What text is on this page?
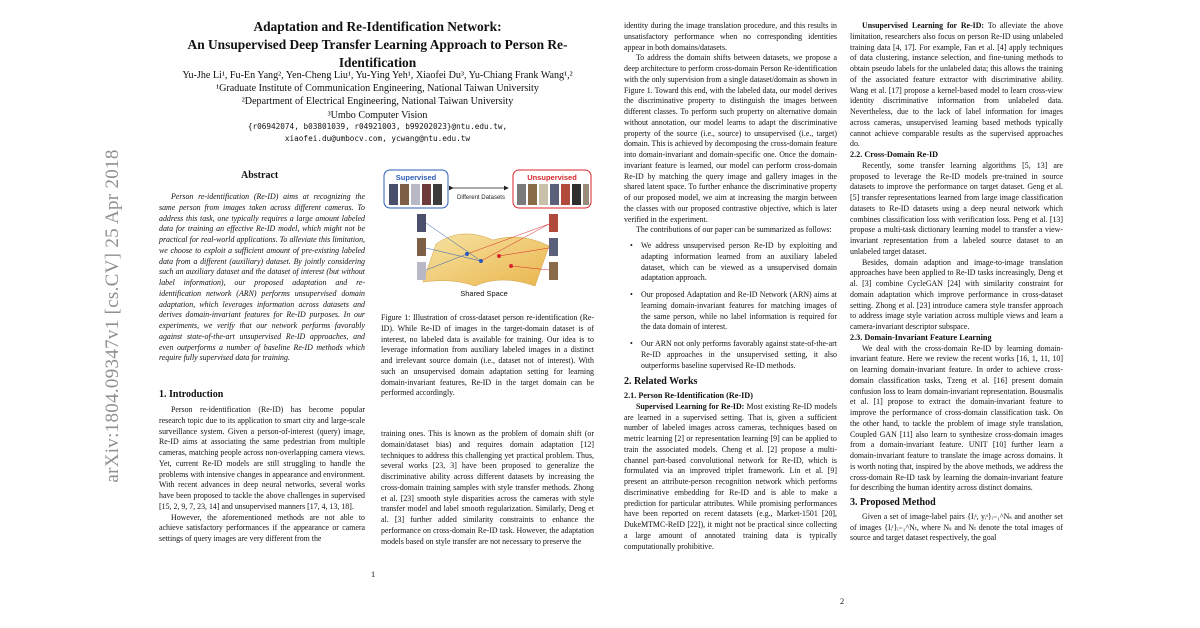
arXiv:1804.09347v1 [cs.CV] 25 Apr 2018
Adaptation and Re-Identification Network:
An Unsupervised Deep Transfer Learning Approach to Person Re-Identification
Yu-Jhe Li¹, Fu-En Yang², Yen-Cheng Liu¹, Yu-Ying Yeh¹, Xiaofei Du³, Yu-Chiang Frank Wang¹,²
¹Graduate Institute of Communication Engineering, National Taiwan University
²Department of Electrical Engineering, National Taiwan University
³Umbo Computer Vision
{r06942074, b03801039, r04921003, b99202023}@ntu.edu.tw,
xiaofei.du@umbocv.com, ycwang@ntu.edu.tw
Abstract

Person re-identification (Re-ID) aims at recognizing the same person from images taken across different cameras. To address this task, one typically requires a large amount labeled data for training an effective Re-ID model, which might not be practical for real-world applications. To alleviate this limitation, we choose to exploit a sufficient amount of pre-existing labeled data from a different (auxiliary) dataset. By jointly considering such an auxiliary dataset and the dataset of interest (but without label information), our proposed adaptation and re-identification network (ARN) performs unsupervised domain adaptation, which leverages information across datasets and derives domain-invariant features for Re-ID purposes. In our experiments, we verify that our network performs favorably against state-of-the-art unsupervised Re-ID approaches, and even outperforms a number of baseline Re-ID methods which require fully supervised data for training.

1. Introduction

Person re-identification (Re-ID) has become popular research topic due to its application to smart city and large-scale surveillance system. Given a person-of-interest (query) image, Re-ID aims at associating the same pedestrian from multiple cameras, matching people across non-overlapping camera views. Yet, current Re-ID models are still struggling to handle the problems with intensive changes in appearance and environment. With recent advances in deep neural networks, several works have been proposed to tackle the above challenges in supervised [15, 2, 9, 7, 23, 14] and unsupervised manners [17, 4, 13, 18].

However, the aforementioned methods are not able to achieve satisfactory performances if the appearance or camera settings of query images are very different from the

Supervised	Unsupervised
Different Datasets
Shared Space

Figure 1: Illustration of cross-dataset person re-identification (Re-ID). While Re-ID of images in the target-domain dataset is of interest, no labeled data is available for training. Our idea is to leverage information from auxiliary labeled images in a distinct and irrelevant source domain (i.e., dataset not of interest). With such an unsupervised domain adaptation setting for learning domain-invariant features, Re-ID in the target domain can be performed accordingly.

training ones. This is known as the problem of domain shift (or domain/dataset bias) and requires domain adaptation [12] techniques to address this challenging yet practical problem. Thus, several works [23, 3] have been proposed to generalize the discriminative ability across different datasets by increasing the cross-domain training samples with style transfer methods. Zhong et al. [23] smooth style disparities across the cameras with style transfer model and label smooth regularization. Similarly, Deng et al. [3] further added similarity constraints to enhance the performance on cross-domain Re-ID task. However, the adaptation models based on style transfer are not necessary to preserve the

1

identity during the image translation procedure, and this results in unsatisfactory performance when no corresponding identities appear in both domains/datasets.

To address the domain shifts between datasets, we propose a deep architecture to perform cross-domain Person Re-identification with the only supervision from a single dataset/domain as shown in Figure 1. Toward this end, with the labeled data, our model derives the discriminative property to distinguish the images between different classes. To perform such property on alternative domain without annotation, our model learns to adapt the discriminative property of the source (i.e., source) to unsupervised (i.e., target) domain. This is achieved by decomposing the cross-domain feature into domain-invariant and domain-specific one. Once the domain-invariant feature is learned, our model can perform cross-domain Re-ID by matching the query image and gallery images in the shared latent space. To further enhance the discriminative property of our proposed model, we aim at increasing the margin between the classes with our proposed contrastive objective, which is later verified in the experiment.

The contributions of our paper can be summarized as follows:

• We address unsupervised person Re-ID by exploiting and adapting information learned from an auxiliary labeled dataset, which can be viewed as a unsupervised domain adaptation approach.
• Our proposed Adaptation and Re-ID Network (ARN) aims at learning domain-invariant features for matching images of the same person, while no label information is required for the data domain of interest.
• Our ARN not only performs favorably against state-of-the-art Re-ID approaches in the unsupervised setting, it also outperforms baseline supervised Re-ID methods.
2. Related Works
2.1. Person Re-Identification (Re-ID)

Supervised Learning for Re-ID: Most existing Re-ID models are learned in a supervised setting. That is, given a sufficient number of labeled images across cameras, techniques based on metric learning [2] or representation learning [9] can be applied to train the associated models. Cheng et al. [2] propose a multi-channel part-based convolutional network for Re-ID, which is formulated via an improved triplet framework. Lin et al. [9] present an attribute-person recognition network which performs discriminative embedding for Re-ID and is able to make a prediction for particular attributes. While promising performances have been reported on recent datasets (e.g., Market-1501 [20], DukeMTMC-ReID [22]), it might not be practical since collecting a large amount of annotated training data is typically computationally prohibitive.

Unsupervised Learning for Re-ID: To alleviate the above limitation, researchers also focus on person Re-ID using unlabeled training data [4, 17]. For example, Fan et al. [4] apply techniques of data clustering, instance selection, and fine-tuning methods to obtain pseudo labels for the unlabeled data; this allows the training of the associated feature extractor with discriminative ability. Wang et al. [17] propose a kernel-based model to learn cross-view identity discriminative information from unlabeled data. Nevertheless, due to the lack of label information for images across cameras, unsupervised learning based methods typically cannot achieve comparable results as the supervised approaches do.

2.2. Cross-Domain Re-ID

Recently, some transfer learning algorithms [5, 13] are proposed to leverage the Re-ID models pre-trained in source datasets to improve the performance on target dataset. Geng et al. [5] transfer representations learned from large image classification datasets to Re-ID datasets using a deep neural network which combines classification loss with verification loss. Peng et al. [13] propose a multi-task dictionary learning model to transfer a view-invariant representation from a labeled source dataset to an unlabeled target dataset.

Besides, domain adaption and image-to-image translation approaches have been applied to Re-ID tasks increasingly, Deng et al. [3] combine CycleGAN [24] with similarity constraint for domain adaptation which improve performance in cross-dataset setting. Zhong et al. [23] introduce camera style transfer approach to address image style variation across multiple views and learn a camera-invariant descriptor subspace.

2.3. Domain-Invariant Feature Learning

We deal with the cross-domain Re-ID by learning domain-invariant feature. Here we review the recent works [16, 1, 11, 10] on learning domain-invariant feature. In order to achieve cross-domain classification tasks, Tzeng et al. [16] present domain confusion loss to learn domain-invariant representation. Bousmalis et al. [1] propose to extract the domain-invariant feature to improve the performance of cross-domain classification task. On the other hand, to tackle the problem of image style translation, Coupled GAN [11] also learn to synthesize cross-domain images from a domain-invariant feature. UNIT [10] further learn a domain-invariant feature to translate the image across domains. It is worth noting that, inspired by the above methods, we address the cross-domain Re-ID task by learning the domain-invariant feature for describing the human identity across distinct domains.

3. Proposed Method

Given a set of image-label pairs {Iᵢˢ, yᵢˢ}ᵢ₌₁^Nₛ and another set of images {Iᵢᵗ}ᵢ₌₁^Nₜ, where Nₛ and Nₜ denote the total images of source and target dataset respectively, the goal

2
